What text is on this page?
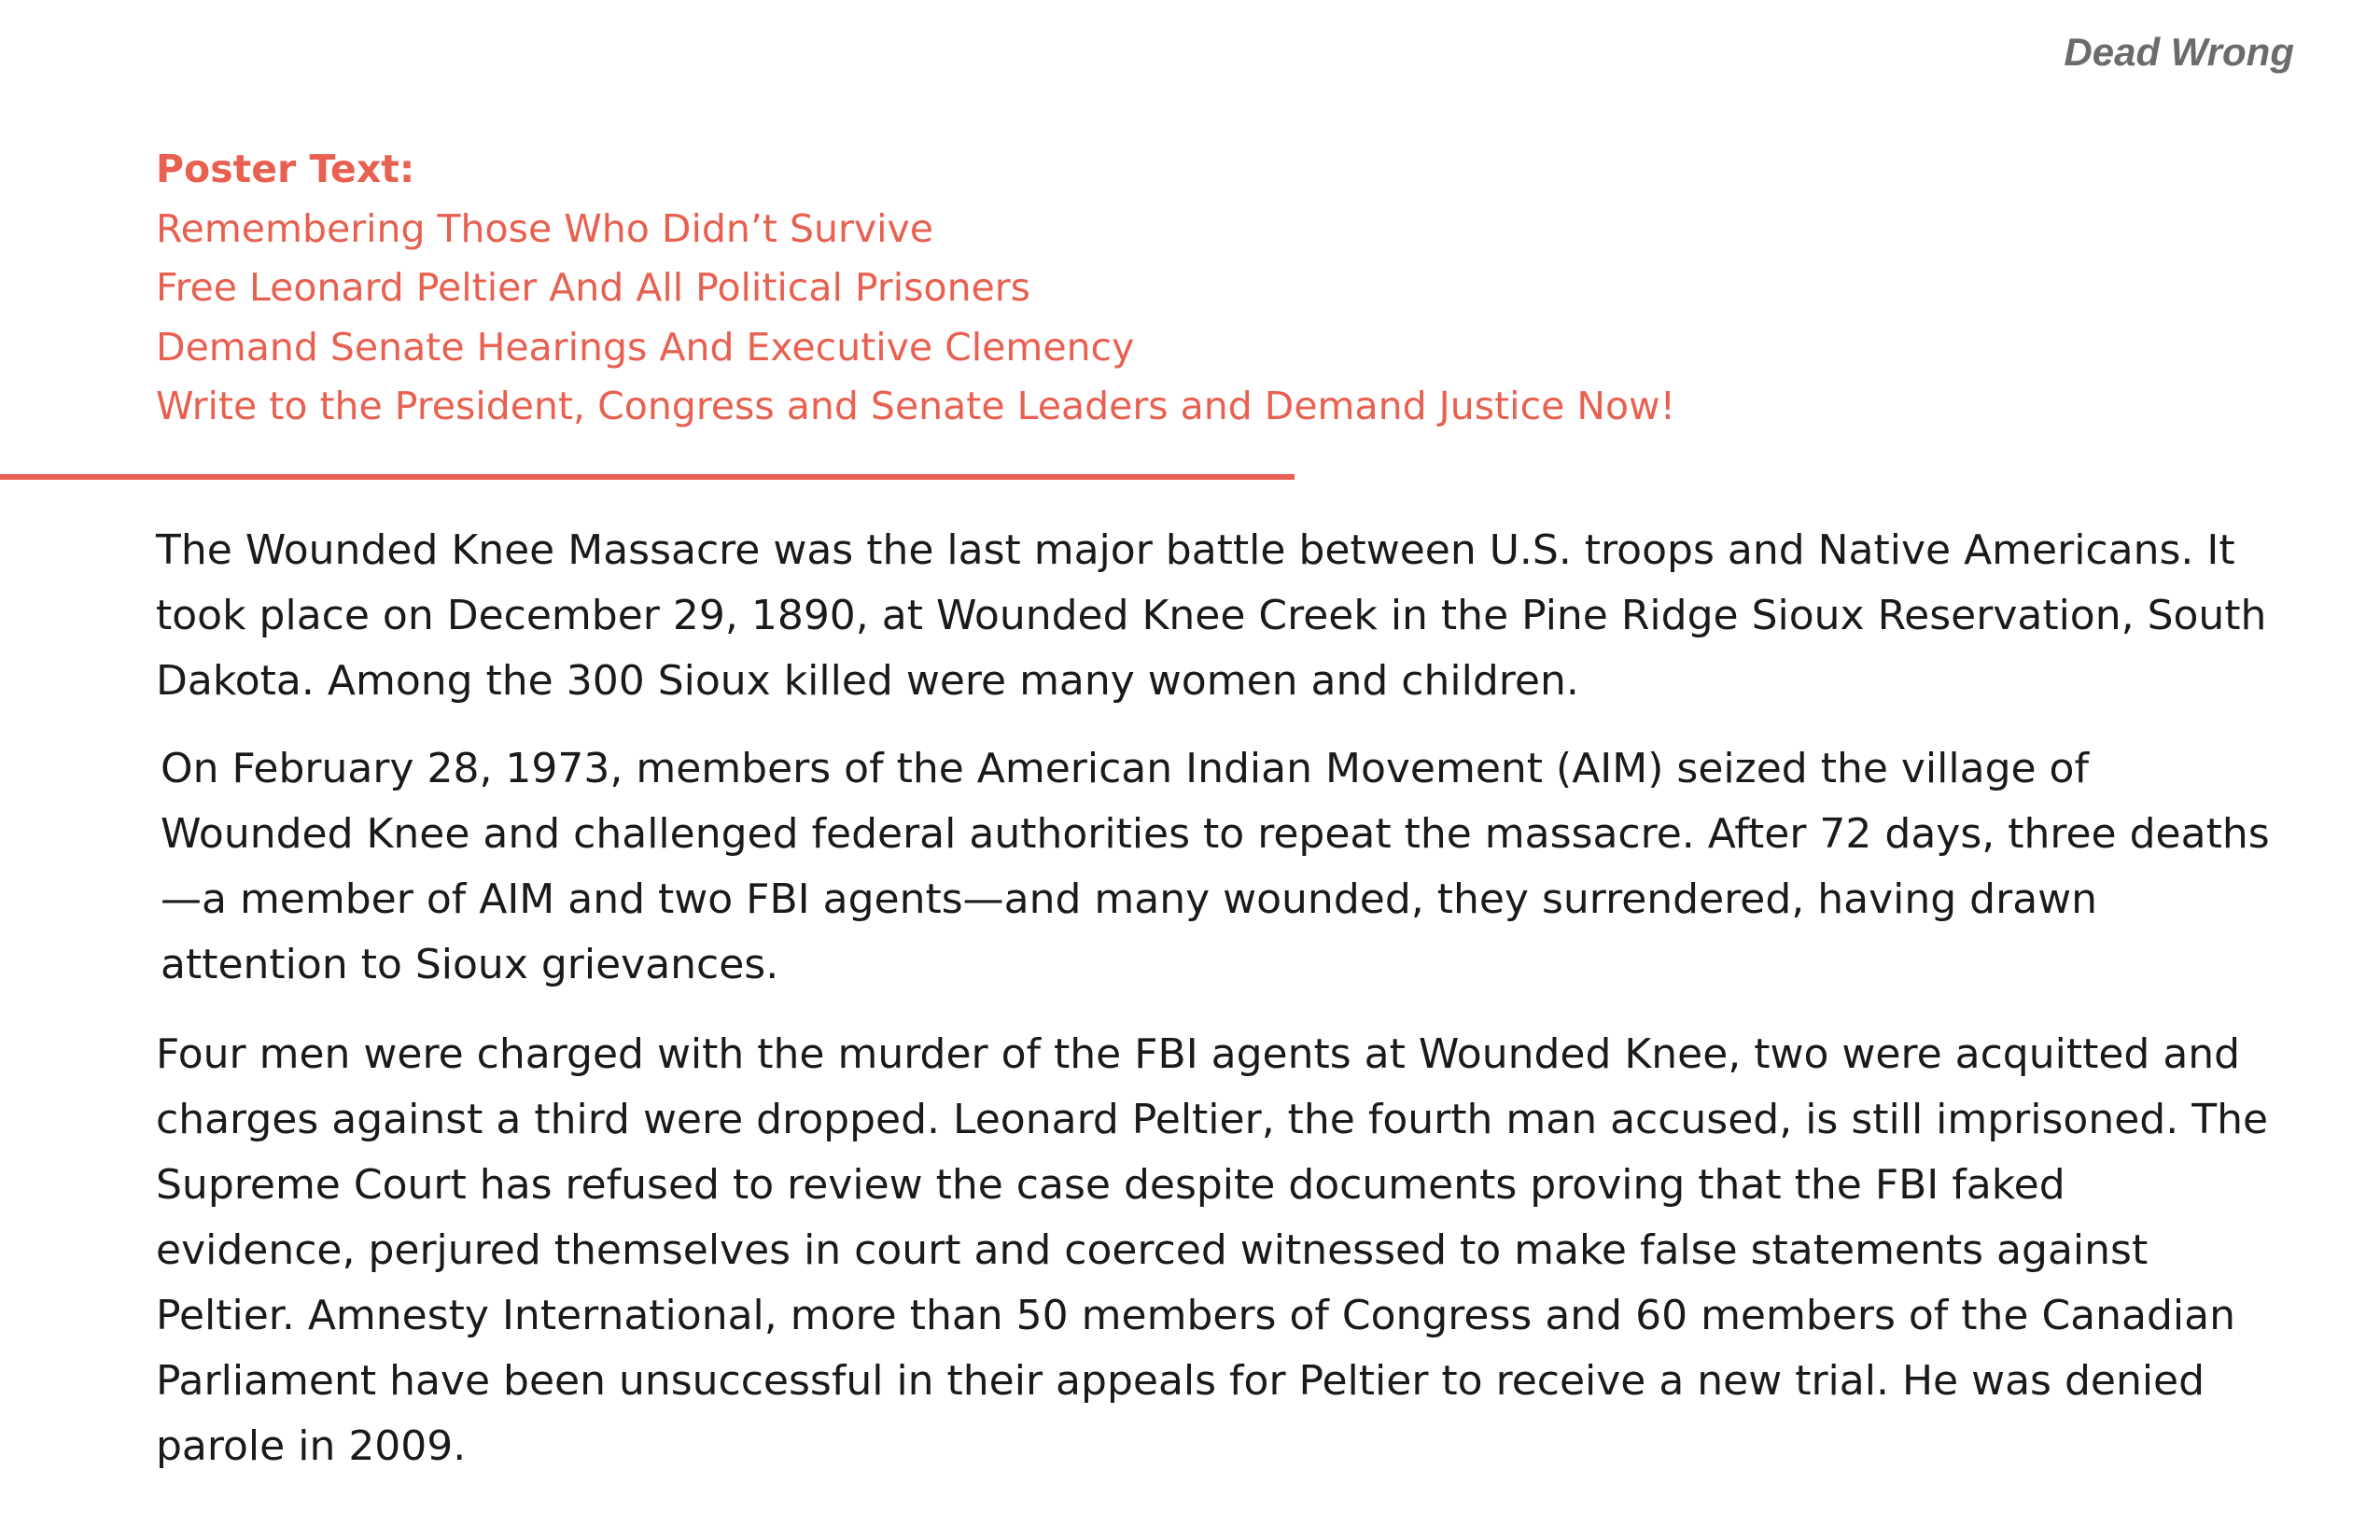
Dead Wrong
Poster Text:
Remembering Those Who Didn’t Survive
Free Leonard Peltier And All Political Prisoners
Demand Senate Hearings And Executive Clemency
Write to the President, Congress and Senate Leaders and Demand Justice Now!

The Wounded Knee Massacre was the last major battle between U.S. troops and Native Americans. It took place on December 29, 1890, at Wounded Knee Creek in the Pine Ridge Sioux Reservation, South Dakota. Among the 300 Sioux killed were many women and children.

On February 28, 1973, members of the American Indian Movement (AIM) seized the village of Wounded Knee and challenged federal authorities to repeat the massacre. After 72 days, three deaths—a member of AIM and two FBI agents—and many wounded, they surrendered, having drawn attention to Sioux grievances.

Four men were charged with the murder of the FBI agents at Wounded Knee, two were acquitted and charges against a third were dropped. Leonard Peltier, the fourth man accused, is still imprisoned. The Supreme Court has refused to review the case despite documents proving that the FBI faked evidence, perjured themselves in court and coerced witnessed to make false statements against Peltier. Amnesty International, more than 50 members of Congress and 60 members of the Canadian Parliament have been unsuccessful in their appeals for Peltier to receive a new trial. He was denied parole in 2009.
